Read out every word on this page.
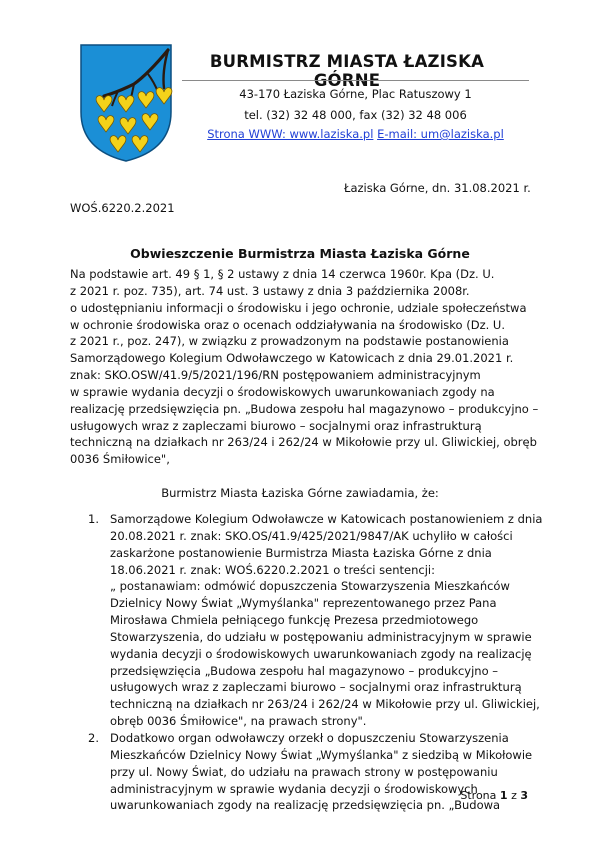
BURMISTRZ MIASTA ŁAZISKA GÓRNE
43-170 Łaziska Górne, Plac Ratuszowy 1
tel. (32) 32 48 000, fax (32) 32 48 006
Strona WWW: www.laziska.pl E-mail: um@laziska.pl
Łaziska Górne, dn. 31.08.2021 r.
WOŚ.6220.2.2021
Obwieszczenie Burmistrza Miasta Łaziska Górne
Na podstawie art. 49 § 1, § 2 ustawy z dnia 14 czerwca 1960r. Kpa (Dz. U.
z 2021 r. poz. 735), art. 74 ust. 3 ustawy z dnia 3 października 2008r.
o udostępnianiu informacji o środowisku i jego ochronie, udziale społeczeństwa
w ochronie środowiska oraz o ocenach oddziaływania na środowisko (Dz. U.
z 2021 r., poz. 247), w związku z prowadzonym na podstawie postanowienia
Samorządowego Kolegium Odwoławczego w Katowicach z dnia 29.01.2021 r.
znak: SKO.OSW/41.9/5/2021/196/RN postępowaniem administracyjnym
w sprawie wydania decyzji o środowiskowych uwarunkowaniach zgody na
realizację przedsięwzięcia pn. „Budowa zespołu hal magazynowo – produkcyjno –
usługowych wraz z zapleczami biurowo – socjalnymi oraz infrastrukturą
techniczną na działkach nr 263/24 i 262/24 w Mikołowie przy ul. Gliwickiej, obręb
0036 Śmiłowice",
Burmistrz Miasta Łaziska Górne zawiadamia, że:
1. Samorządowe Kolegium Odwoławcze w Katowicach postanowieniem z dnia
20.08.2021 r. znak: SKO.OS/41.9/425/2021/9847/AK uchyliło w całości
zaskarżone postanowienie Burmistrza Miasta Łaziska Górne z dnia
18.06.2021 r. znak: WOŚ.6220.2.2021 o treści sentencji:
„ postanawiam: odmówić dopuszczenia Stowarzyszenia Mieszkańców
Dzielnicy Nowy Świat „Wymyślanka" reprezentowanego przez Pana
Mirosława Chmiela pełniącego funkcję Prezesa przedmiotowego
Stowarzyszenia, do udziału w postępowaniu administracyjnym w sprawie
wydania decyzji o środowiskowych uwarunkowaniach zgody na realizację
przedsięwzięcia „Budowa zespołu hal magazynowo – produkcyjno –
usługowych wraz z zapleczami biurowo – socjalnymi oraz infrastrukturą
techniczną na działkach nr 263/24 i 262/24 w Mikołowie przy ul. Gliwickiej,
obręb 0036 Śmiłowice", na prawach strony".
2. Dodatkowo organ odwoławczy orzekł o dopuszczeniu Stowarzyszenia
Mieszkańców Dzielnicy Nowy Świat „Wymyślanka" z siedzibą w Mikołowie
przy ul. Nowy Świat, do udziału na prawach strony w postępowaniu
administracyjnym w sprawie wydania decyzji o środowiskowych
uwarunkowaniach zgody na realizację przedsięwzięcia pn. „Budowa
Strona 1 z 3
